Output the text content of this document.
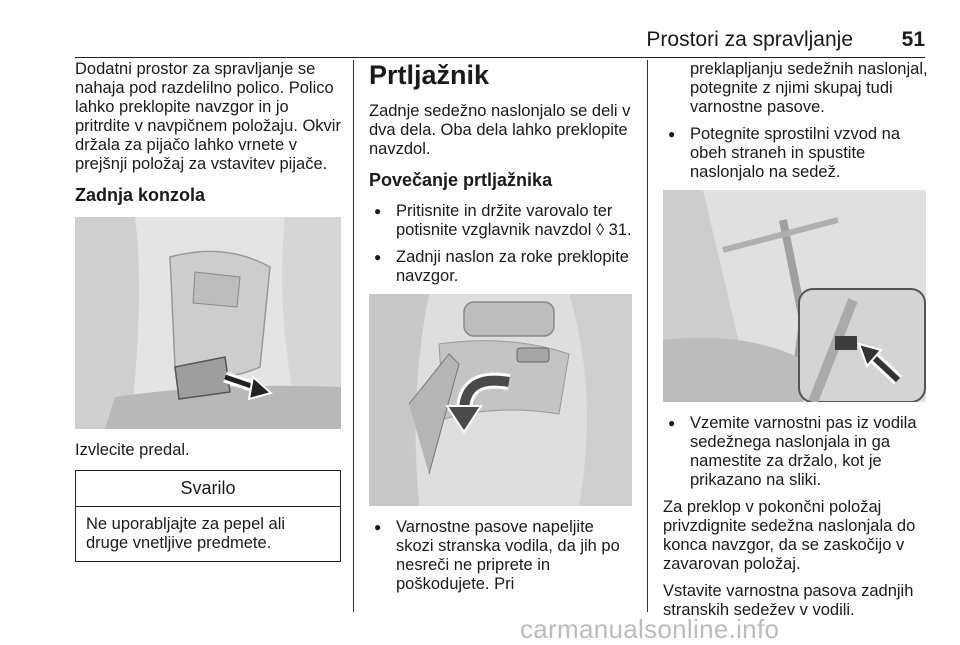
Prostori za spravljanje 51

Dodatni prostor za spravljanje se nahaja pod razdelilno polico. Polico lahko preklopite navzgor in jo pritrdite v navpičnem položaju. Okvir držala za pijačo lahko vrnete v prejšnji položaj za vstavitev pijače.

Zadnja konzola

Izvlecite predal.

Svarilo
Ne uporabljajte za pepel ali druge vnetljive predmete.
Prtljažnik

Zadnje sedežno naslonjalo se deli v dva dela. Oba dela lahko preklopite navzdol.

Povečanje prtljažnika
● Pritisnite in držite varovalo ter potisnite vzglavnik navzdol ◊ 31.
● Zadnji naslon za roke preklopite navzgor.
● Varnostne pasove napeljite skozi stranska vodila, da jih po nesreči ne priprete in poškodujete. Pri

preklapljanju sedežnih naslonjal, potegnite z njimi skupaj tudi varnostne pasove.

● Potegnite sprostilni vzvod na obeh straneh in spustite naslonjalo na sedež.
● Vzemite varnostni pas iz vodila sedežnega naslonjala in ga namestite za držalo, kot je prikazano na sliki.

Za preklop v pokončni položaj privzdignite sedežna naslonjala do konca navzgor, da se zaskočijo v zavarovan položaj.

Vstavite varnostna pasova zadnjih stranskih sedežev v vodili.

carmanualsonline.info
